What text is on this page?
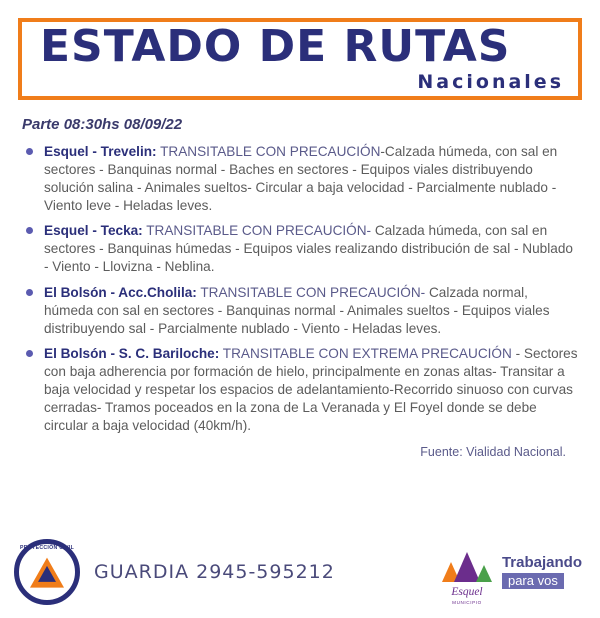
ESTADO DE RUTAS
Nacionales
Parte 08:30hs 08/09/22
Esquel - Trevelin: TRANSITABLE CON PRECAUCIÓN-Calzada húmeda, con sal en sectores - Banquinas normal - Baches en sectores - Equipos viales distribuyendo solución salina - Animales sueltos- Circular a baja velocidad - Parcialmente nublado - Viento leve - Heladas leves.
Esquel - Tecka: TRANSITABLE CON PRECAUCIÓN- Calzada húmeda, con sal en sectores - Banquinas húmedas - Equipos viales realizando distribución de sal - Nublado - Viento - Llovizna - Neblina.
El Bolsón - Acc.Cholila: TRANSITABLE CON PRECAUCIÓN- Calzada normal, húmeda con sal en sectores - Banquinas normal - Animales sueltos - Equipos viales distribuyendo sal - Parcialmente nublado - Viento - Heladas leves.
El Bolsón - S. C. Bariloche: TRANSITABLE CON EXTREMA PRECAUCIÓN - Sectores con baja adherencia por formación de hielo, principalmente en zonas altas- Transitar a baja velocidad y respetar los espacios de adelantamiento-Recorrido sinuoso con curvas cerradas- Tramos poceados en la zona de La Veranada y El Foyel donde se debe circular a baja velocidad (40km/h).
Fuente: Vialidad Nacional.
PROTECCIÓN CIVIL
GUARDIA 2945-595212
Esquel
MUNICIPIO
Trabajando
para vos
